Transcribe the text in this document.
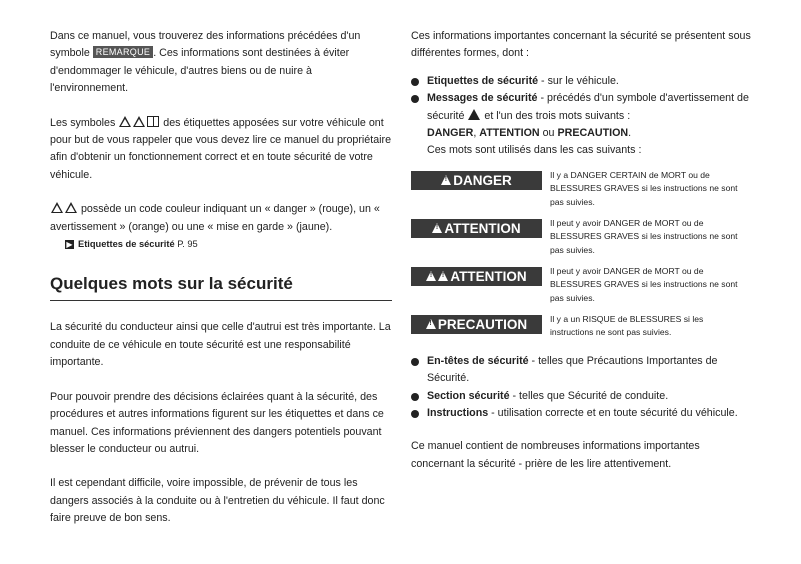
Dans ce manuel, vous trouverez des informations précédées d'un symbole REMARQUE . Ces informations sont destinées à éviter d'endommager le véhicule, d'autres biens ou de nuire à l'environnement.

Les symboles	des étiquettes apposées sur votre véhicule ont pour but de vous rappeler que vous devez lire ce manuel du propriétaire afin d'obtenir un fonctionnement correct et en toute sécurité de votre véhicule.

possède un code couleur indiquant un « danger » (rouge), un « avertissement » (orange) ou une « mise en garde » (jaune).

▶ Etiquettes de sécurité P. 95
Quelques mots sur la sécurité

La sécurité du conducteur ainsi que celle d'autrui est très importante. La conduite de ce véhicule en toute sécurité est une responsabilité importante.

Pour pouvoir prendre des décisions éclairées quant à la sécurité, des procédures et autres informations figurent sur les étiquettes et dans ce manuel. Ces informations préviennent des dangers potentiels pouvant blesser le conducteur ou autrui.

Il est cependant difficile, voire impossible, de prévenir de tous les dangers associés à la conduite ou à l'entretien du véhicule. Il faut donc faire preuve de bon sens.

Ces informations importantes concernant la sécurité se présentent sous différentes formes, dont :

Etiquettes de sécurité - sur le véhicule.
Messages de sécurité - précédés d'un symbole d'avertissement de sécurité  et l'un des trois mots suivants :
DANGER, ATTENTION ou PRECAUTION.
Ces mots sont utilisés dans les cas suivants :
!
DANGER	Il y a DANGER CERTAIN de MORT ou de BLESSURES GRAVES si les instructions ne sont pas suivies.
!
ATTENTION	Il peut y avoir DANGER de MORT ou de BLESSURES GRAVES si les instructions ne sont pas suivies.
!
!
ATTENTION	Il peut y avoir DANGER de MORT ou de BLESSURES GRAVES si les instructions ne sont pas suivies.
!
PRECAUTION	Il y a un RISQUE de BLESSURES si les instructions ne sont pas suivies.
En-têtes de sécurité - telles que Précautions Importantes de Sécurité.
Section sécurité - telles que Sécurité de conduite.
Instructions - utilisation correcte et en toute sécurité du véhicule.

Ce manuel contient de nombreuses informations importantes concernant la sécurité - prière de les lire attentivement.
